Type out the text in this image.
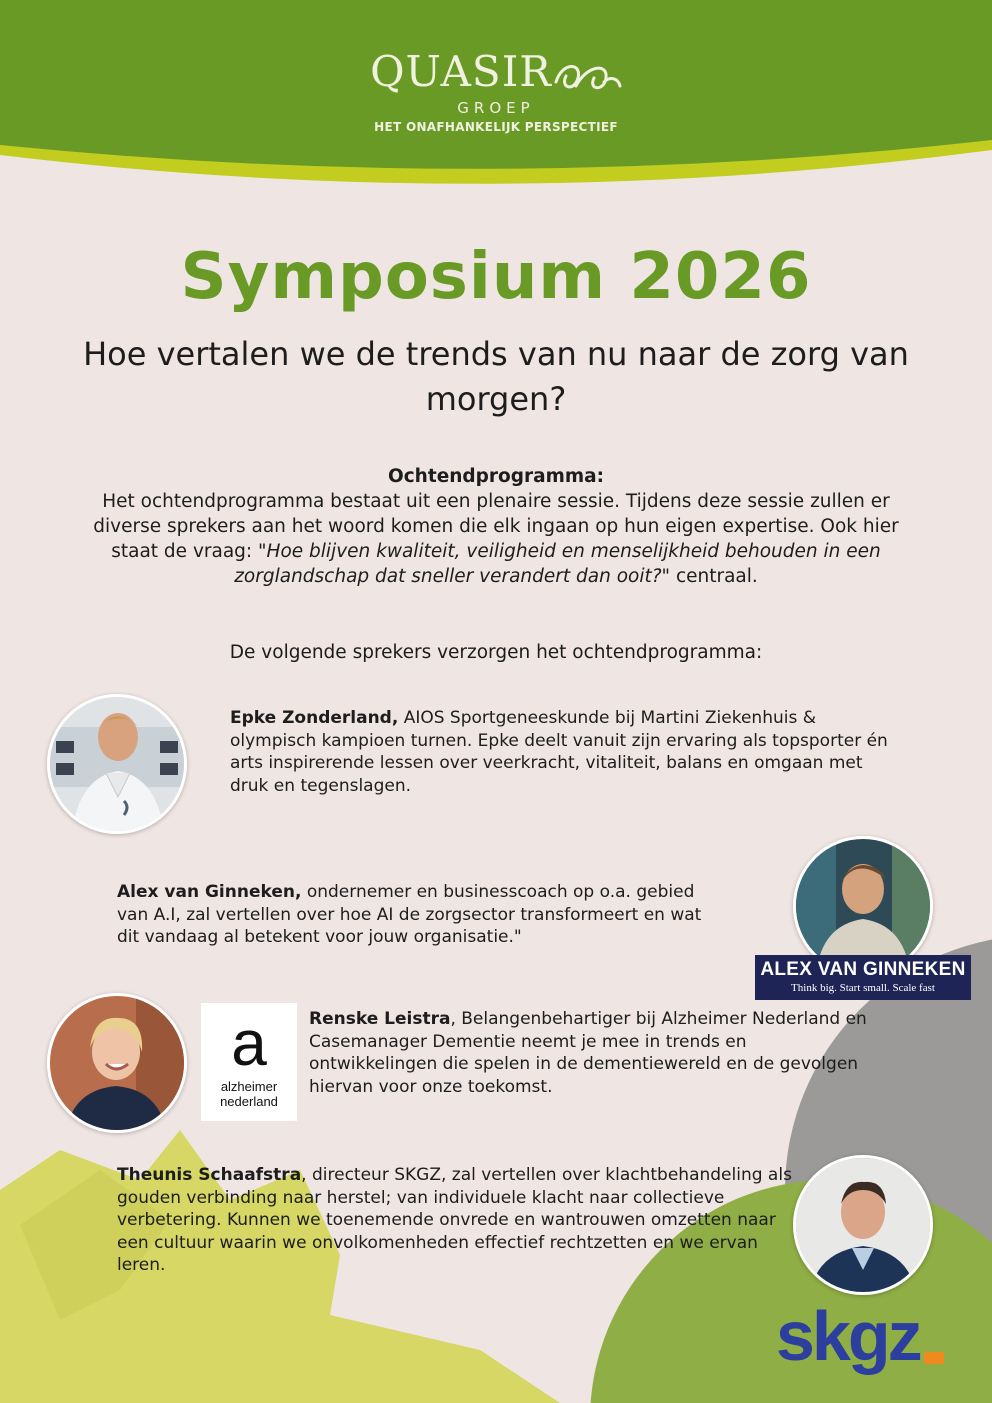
QUASIR
GROEP
HET ONAFHANKELIJK PERSPECTIEF
Symposium 2026
Hoe vertalen we de trends van nu naar de zorg van morgen?
Ochtendprogramma:
Het ochtendprogramma bestaat uit een plenaire sessie. Tijdens deze sessie zullen er diverse sprekers aan het woord komen die elk ingaan op hun eigen expertise. Ook hier staat de vraag: "Hoe blijven kwaliteit, veiligheid en menselijkheid behouden in een zorglandschap dat sneller verandert dan ooit?" centraal.
De volgende sprekers verzorgen het ochtendprogramma:
Epke Zonderland, AIOS Sportgeneeskunde bij Martini Ziekenhuis & olympisch kampioen turnen. Epke deelt vanuit zijn ervaring als topsporter én arts inspirerende lessen over veerkracht, vitaliteit, balans en omgaan met druk en tegenslagen.
Alex van Ginneken, ondernemer en businesscoach op o.a. gebied van A.I, zal vertellen over hoe AI de zorgsector transformeert en wat dit vandaag al betekent voor jouw organisatie."
ALEX VAN GINNEKEN
Think big. Start small. Scale fast
a
alzheimer
nederland
Renske Leistra, Belangenbehartiger bij Alzheimer Nederland en Casemanager Dementie neemt je mee in trends en ontwikkelingen die spelen in de dementiewereld en de gevolgen hiervan voor onze toekomst.
Theunis Schaafstra, directeur SKGZ, zal vertellen over klachtbehandeling als gouden verbinding naar herstel; van individuele klacht naar collectieve verbetering. Kunnen we toenemende onvrede en wantrouwen omzetten naar een cultuur waarin we onvolkomenheden effectief rechtzetten en we ervan leren.
skgz
